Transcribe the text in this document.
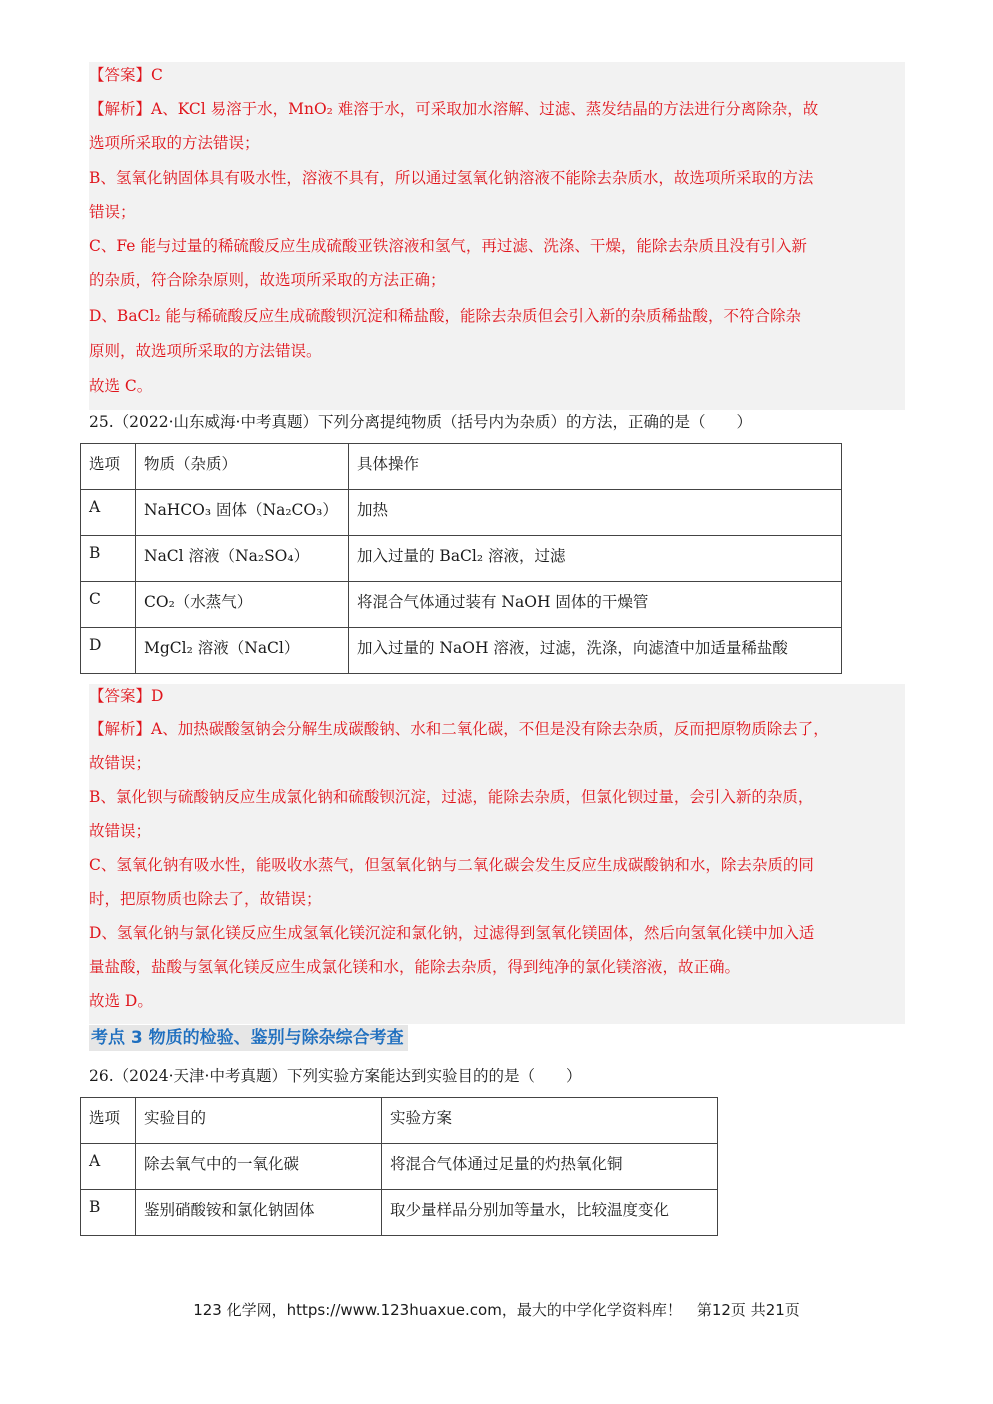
【答案】C
【解析】A、KCl 易溶于水，MnO₂ 难溶于水，可采取加水溶解、过滤、蒸发结晶的方法进行分离除杂，故
选项所采取的方法错误；
B、氢氧化钠固体具有吸水性，溶液不具有，所以通过氢氧化钠溶液不能除去杂质水，故选项所采取的方法
错误；
C、Fe 能与过量的稀硫酸反应生成硫酸亚铁溶液和氢气，再过滤、洗涤、干燥，能除去杂质且没有引入新
的杂质，符合除杂原则，故选项所采取的方法正确；
D、BaCl₂ 能与稀硫酸反应生成硫酸钡沉淀和稀盐酸，能除去杂质但会引入新的杂质稀盐酸，不符合除杂
原则，故选项所采取的方法错误。
故选 C。
25.（2022·山东威海·中考真题）下列分离提纯物质（括号内为杂质）的方法，正确的是（　　）
选项	物质（杂质）	具体操作
A	NaHCO₃ 固体（Na₂CO₃）	加热
B	NaCl 溶液（Na₂SO₄）	加入过量的 BaCl₂ 溶液，过滤
C	CO₂（水蒸气）	将混合气体通过装有 NaOH 固体的干燥管
D	MgCl₂ 溶液（NaCl）	加入过量的 NaOH 溶液，过滤，洗涤，向滤渣中加适量稀盐酸
【答案】D
【解析】A、加热碳酸氢钠会分解生成碳酸钠、水和二氧化碳，不但是没有除去杂质，反而把原物质除去了，
故错误；
B、氯化钡与硫酸钠反应生成氯化钠和硫酸钡沉淀，过滤，能除去杂质，但氯化钡过量，会引入新的杂质，
故错误；
C、氢氧化钠有吸水性，能吸收水蒸气，但氢氧化钠与二氧化碳会发生反应生成碳酸钠和水，除去杂质的同
时，把原物质也除去了，故错误；
D、氢氧化钠与氯化镁反应生成氢氧化镁沉淀和氯化钠，过滤得到氢氧化镁固体，然后向氢氧化镁中加入适
量盐酸，盐酸与氢氧化镁反应生成氯化镁和水，能除去杂质，得到纯净的氯化镁溶液，故正确。
故选 D。
考点 3 物质的检验、鉴别与除杂综合考查
26.（2024·天津·中考真题）下列实验方案能达到实验目的的是（　　）
选项	实验目的	实验方案
A	除去氧气中的一氧化碳	将混合气体通过足量的灼热氧化铜
B	鉴别硝酸铵和氯化钠固体	取少量样品分别加等量水，比较温度变化
123 化学网，https://www.123huaxue.com，最大的中学化学资料库！　第12页 共21页
